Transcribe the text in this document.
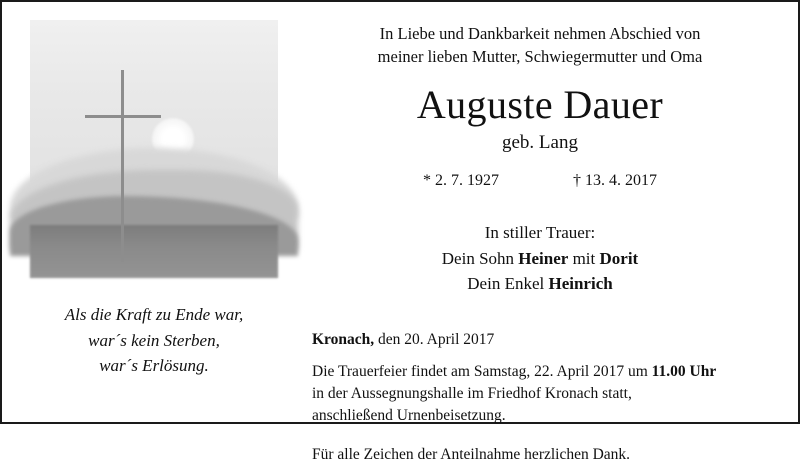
Als die Kraft zu Ende war,
war´s kein Sterben,
war´s Erlösung.
In Liebe und Dankbarkeit nehmen Abschied von
meiner lieben Mutter, Schwiegermutter und Oma
Auguste Dauer
geb. Lang
* 2. 7. 1927	† 13. 4. 2017
In stiller Trauer:
Dein Sohn Heiner mit Dorit
Dein Enkel Heinrich
Kronach, den 20. April 2017
Die Trauerfeier findet am Samstag, 22. April 2017 um 11.00 Uhr
in der Aussegnungshalle im Friedhof Kronach statt,
anschließend Urnenbeisetzung.
Für alle Zeichen der Anteilnahme herzlichen Dank.
